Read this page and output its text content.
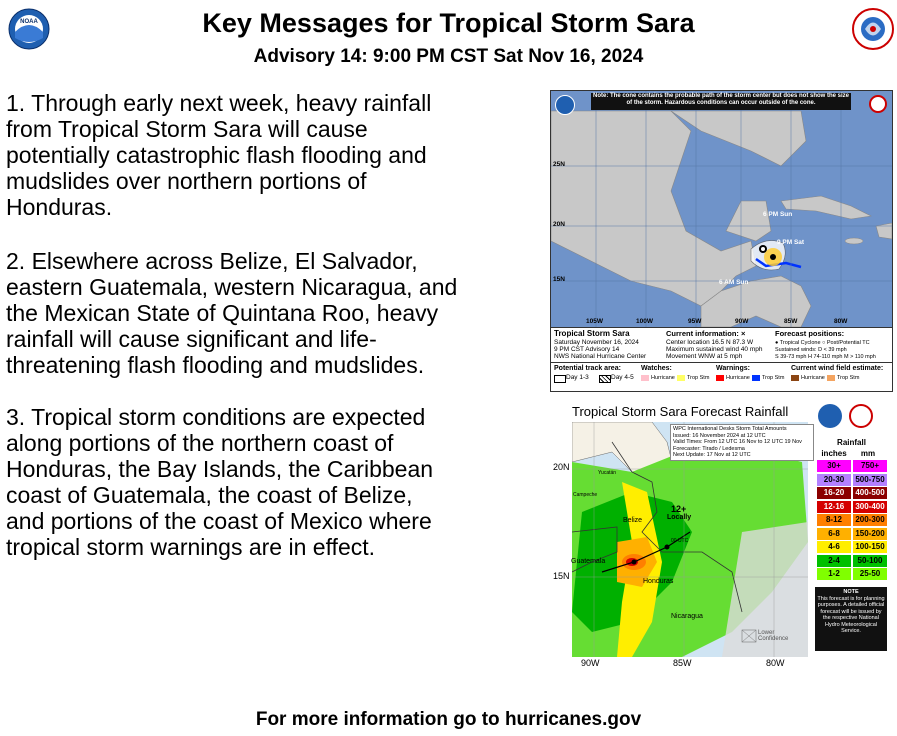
NOAA	Key Messages for Tropical Storm Sara
Advisory 14: 9:00 PM CST Sat Nov 16, 2024
1. Through early next week, heavy rainfall
from Tropical Storm Sara will cause
potentially catastrophic flash flooding and
mudslides over northern portions of
Honduras.
2. Elsewhere across Belize, El Salvador,
eastern Guatemala, western Nicaragua, and
the Mexican State of Quintana Roo, heavy
rainfall will cause significant and life-
threatening flash flooding and mudslides.
3. Tropical storm conditions are expected
along portions of the northern coast of
Honduras, the Bay Islands, the Caribbean
coast of Guatemala, the coast of Belize,
and portions of the coast of Mexico where
tropical storm warnings are in effect.
Note: The cone contains the probable path of the storm center but does not show the size of the storm. Hazardous conditions can occur outside of the cone.
25N
20N
15N
105W	100W	95W	90W	85W	80W
6 PM Sun
9 PM Sat
6 AM Sun
Tropical Storm Sara
Saturday November 16, 2024
9 PM CST Advisory 14
NWS National Hurricane Center
Current information: ×
Center location 16.5 N 87.3 W
Maximum sustained wind 40 mph
Movement WNW at 5 mph
Forecast positions:
● Tropical Cyclone ○ Post/Potential TC
Sustained winds: D < 39 mph
S 39-73 mph H 74-110 mph M > 110 mph
Potential track area:
Day 1-3	Day 4-5
Watches:
Hurricane Trop Stm
Warnings:
Hurricane Trop Stm
Current wind field estimate:
Hurricane Trop Stm
Tropical Storm Sara Forecast Rainfall
WPC International Desks Storm Total Amounts
Issued: 16 November 2024 at 12 UTC
Valid Times: From 12 UTC 16 Nov to 12 UTC 19 Nov
Forecaster: Tirado / Ledesma
Next Update: 17 Nov at 12 UTC
20N
15N
90W	85W	80W
Yucatán
Campeche
Belize
Guatemala
Honduras
Nicaragua
12+
Locally
00 UTC
Lower
Confidence
Rainfall
inches mm
30+	750+
20-30 500-750
16-20 400-500
12-16 300-400
8-12 200-300
6-8 150-200
4-6 100-150
2-4 50-100
1-2 25-50
NOTE
This forecast is for planning purposes. A detailed official forecast will be issued by the respective National Hydro Meteorological Service.
For more information go to hurricanes.gov
